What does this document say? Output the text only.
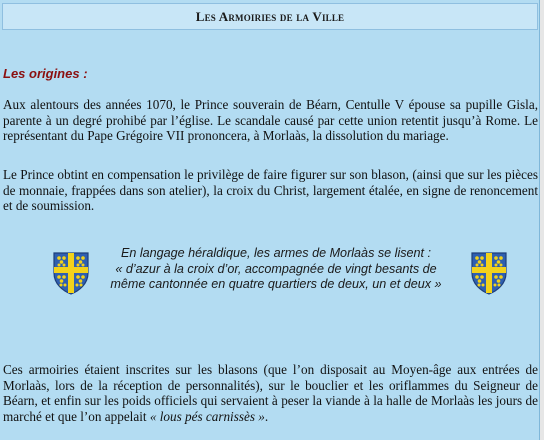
Les Armoiries de la Ville
Les origines :

Aux alentours des années 1070, le Prince souverain de Béarn, Centulle V épouse sa pupille Gisla, parente à un degré prohibé par l’église. Le scandale causé par cette union retentit jusqu’à Rome. Le représentant du Pape Grégoire VII prononcera, à Morlaàs, la dissolution du mariage.

Le Prince obtint en compensation le privilège de faire figurer sur son blason, (ainsi que sur les pièces de monnaie, frappées dans son atelier), la croix du Christ, largement étalée, en signe de renoncement et de soumission.

En langage héraldique, les armes de Morlaàs se lisent :
« d’azur à la croix d’or, accompagnée de vingt besants de même cantonnée en quatre quartiers de deux, un et deux »

Ces armoiries étaient inscrites sur les blasons (que l’on disposait au Moyen-âge aux entrées de Morlaàs, lors de la réception de personnalités), sur le bouclier et les oriflammes du Seigneur de Béarn, et enfin sur les poids officiels qui servaient à peser la viande à la halle de Morlaàs les jours de marché et que l’on appelait « lous pés carnissès ».
